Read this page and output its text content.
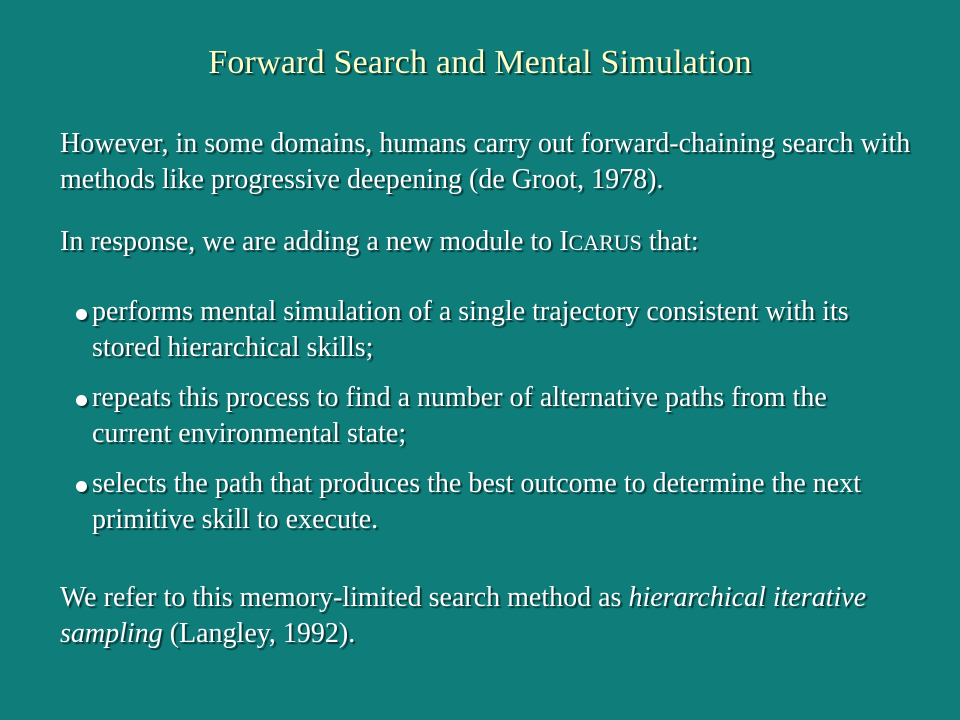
Forward Search and Mental Simulation

However, in some domains, humans carry out forward-chaining search with methods like progressive deepening (de Groot, 1978).

In response, we are adding a new module to ICARUS that:

performs mental simulation of a single trajectory consistent with its stored hierarchical skills;
repeats this process to find a number of alternative paths from the current environmental state;
selects the path that produces the best outcome to determine the next primitive skill to execute.

We refer to this memory-limited search method as hierarchical iterative sampling (Langley, 1992).
